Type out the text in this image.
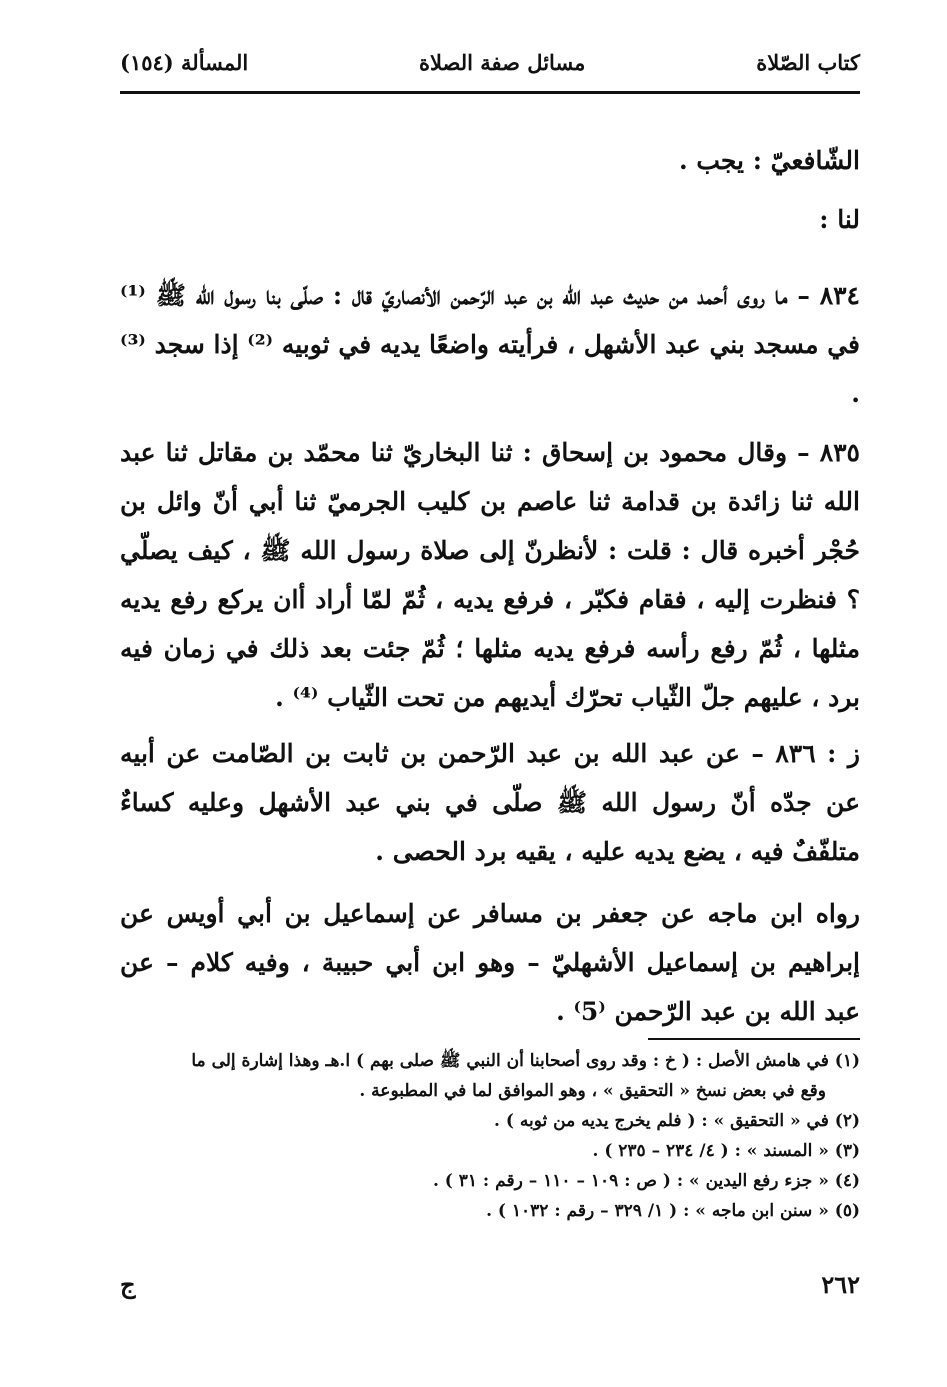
كتاب الصّلاة
مسائل صفة الصلاة
المسألة (١٥٤)
الشّافعيّ : يجب .
لنا :
٨٣٤ – ما روى أحمد من حديث عبد الله بن عبد الرّحمن الأنصاريّ قال : صلّى بنا رسول الله ﷺ ⁽¹⁾ في مسجد بني عبد الأشهل ، فرأيته واضعًا يديه في ثوبيه ⁽²⁾ إذا سجد ⁽³⁾ .
٨٣٥ – وقال محمود بن إسحاق : ثنا البخاريّ ثنا محمّد بن مقاتل ثنا عبد الله ثنا زائدة بن قدامة ثنا عاصم بن كليب الجرميّ ثنا أبي أنّ وائل بن حُجْر أخبره قال : قلت : لأنظرنّ إلى صلاة رسول الله ﷺ ، كيف يصلّي ؟ فنظرت إليه ، فقام فكبّر ، فرفع يديه ، ثُمّ لمّا أراد أان يركع رفع يديه مثلها ، ثُمّ رفع رأسه فرفع يديه مثلها ؛ ثُمّ جئت بعد ذلك في زمان فيه برد ، عليهم جلّ الثّياب تحرّك أيديهم من تحت الثّياب ⁽⁴⁾ .
ز : ٨٣٦ – عن عبد الله بن عبد الرّحمن بن ثابت بن الصّامت عن أبيه عن جدّه أنّ رسول الله ﷺ صلّى في بني عبد الأشهل وعليه كساءٌ متلفّفٌ فيه ، يضع يديه عليه ، يقيه برد الحصى .
رواه ابن ماجه عن جعفر بن مسافر عن إسماعيل بن أبي أويس عن إبراهيم بن إسماعيل الأشهليّ – وهو ابن أبي حبيبة ، وفيه كلام – عن عبد الله بن عبد الرّحمن ⁽5⁾ .
(١) في هامش الأصل : ( خ : وقد روى أصحابنا أن النبي ﷺ صلى بهم ) ا.هـ وهذا إشارة إلى ما
وقع في بعض نسخ « التحقيق » ، وهو الموافق لما في المطبوعة .
(٢) في « التحقيق » : ( فلم يخرج يديه من ثوبه ) .
(٣) « المسند » : ( ٤/ ٢٣٤ – ٢٣٥ ) .
(٤) « جزء رفع اليدين » : ( ص : ١٠٩ – ١١٠ – رقم : ٣١ ) .
(٥) « سنن ابن ماجه » : ( ١/ ٣٢٩ – رقم : ١٠٣٢ ) .
٢٦٢
ج
